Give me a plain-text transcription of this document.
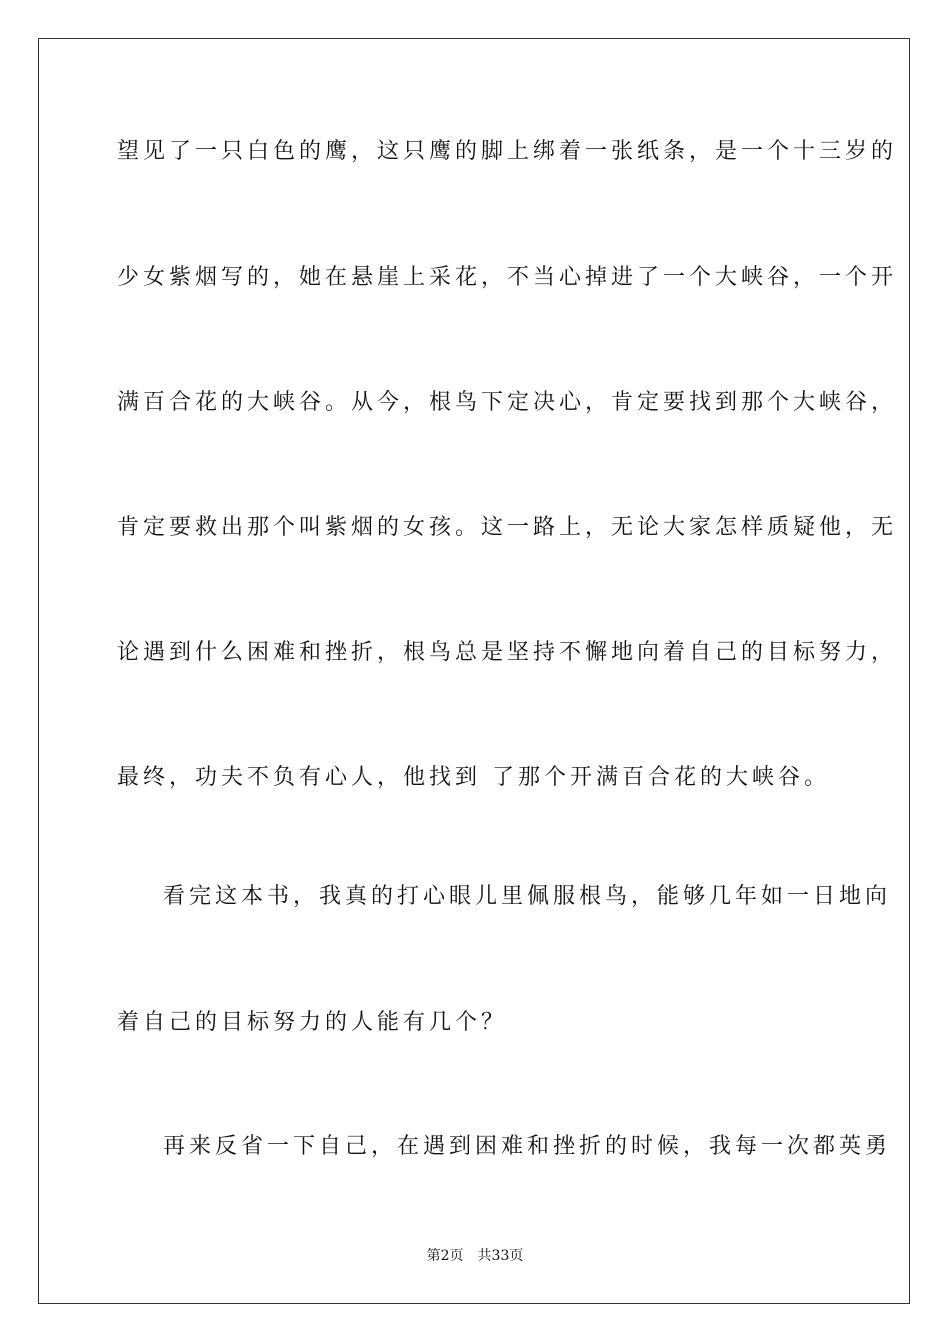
望见了一只白色的鹰，这只鹰的脚上绑着一张纸条，是一个十三岁的
少女紫烟写的，她在悬崖上采花，不当心掉进了一个大峡谷，一个开
满百合花的大峡谷。从今，根鸟下定决心，肯定要找到那个大峡谷，
肯定要救出那个叫紫烟的女孩。这一路上，无论大家怎样质疑他，无
论遇到什么困难和挫折，根鸟总是坚持不懈地向着自己的目标努力，
最终，功夫不负有心人，他找到 了那个开满百合花的大峡谷。
看完这本书，我真的打心眼儿里佩服根鸟，能够几年如一日地向
着自己的目标努力的人能有几个？
再来反省一下自己，在遇到困难和挫折的时候，我每一次都英勇
第2页 共33页
